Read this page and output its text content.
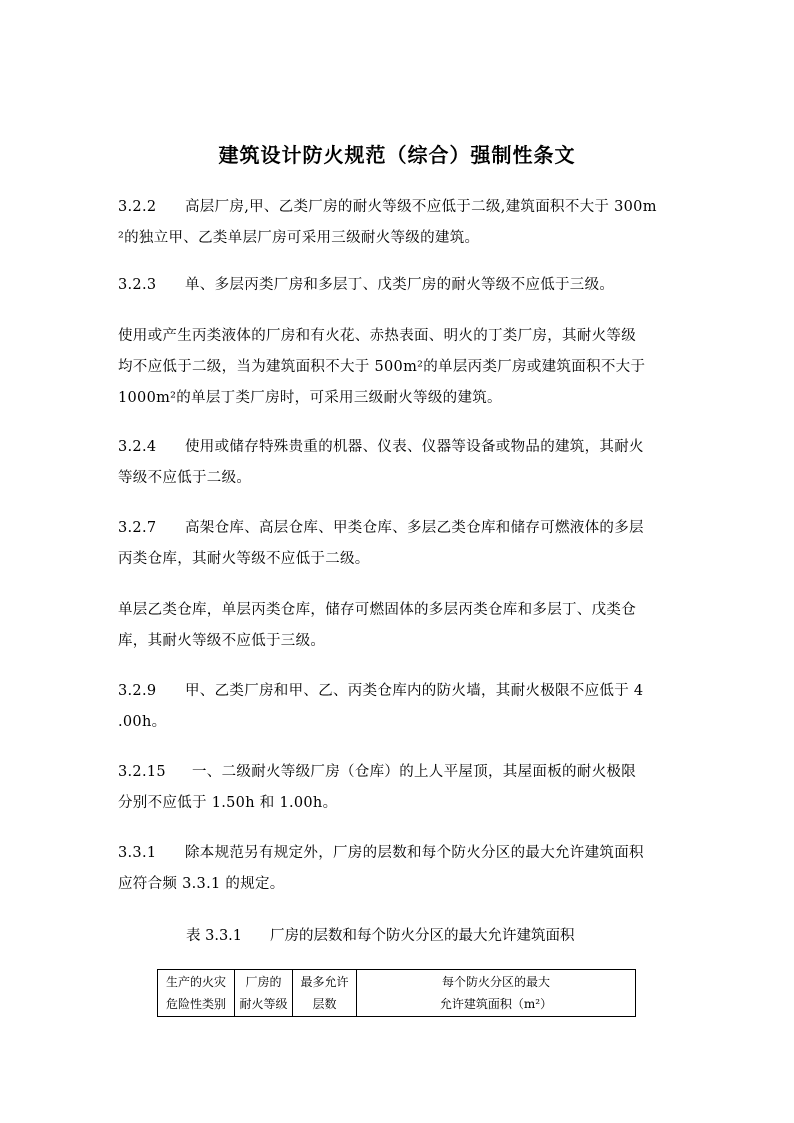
建筑设计防火规范（综合）强制性条文
3.2.2 高层厂房,甲、乙类厂房的耐火等级不应低于二级,建筑面积不大于 300m
²的独立甲、乙类单层厂房可采用三级耐火等级的建筑。
3.2.3 单、多层丙类厂房和多层丁、戊类厂房的耐火等级不应低于三级。
使用或产生丙类液体的厂房和有火花、赤热表面、明火的丁类厂房，其耐火等级
均不应低于二级，当为建筑面积不大于 500m²的单层丙类厂房或建筑面积不大于
1000m²的单层丁类厂房时，可采用三级耐火等级的建筑。
3.2.4 使用或储存特殊贵重的机器、仪表、仪器等设备或物品的建筑，其耐火
等级不应低于二级。
3.2.7 高架仓库、高层仓库、甲类仓库、多层乙类仓库和储存可燃液体的多层
丙类仓库，其耐火等级不应低于二级。
单层乙类仓库，单层丙类仓库，储存可燃固体的多层丙类仓库和多层丁、戊类仓
库，其耐火等级不应低于三级。
3.2.9 甲、乙类厂房和甲、乙、丙类仓库内的防火墙，其耐火极限不应低于 4
.00h。
3.2.15 一、二级耐火等级厂房（仓库）的上人平屋顶，其屋面板的耐火极限
分别不应低于 1.50h 和 1.00h。
3.3.1 除本规范另有规定外，厂房的层数和每个防火分区的最大允许建筑面积
应符合频 3.3.1 的规定。
表 3.3.1 厂房的层数和每个防火分区的最大允许建筑面积
生产的火灾
危险性类别

厂房的
耐火等级

最多允许
层数

每个防火分区的最大
允许建筑面积（m²）
